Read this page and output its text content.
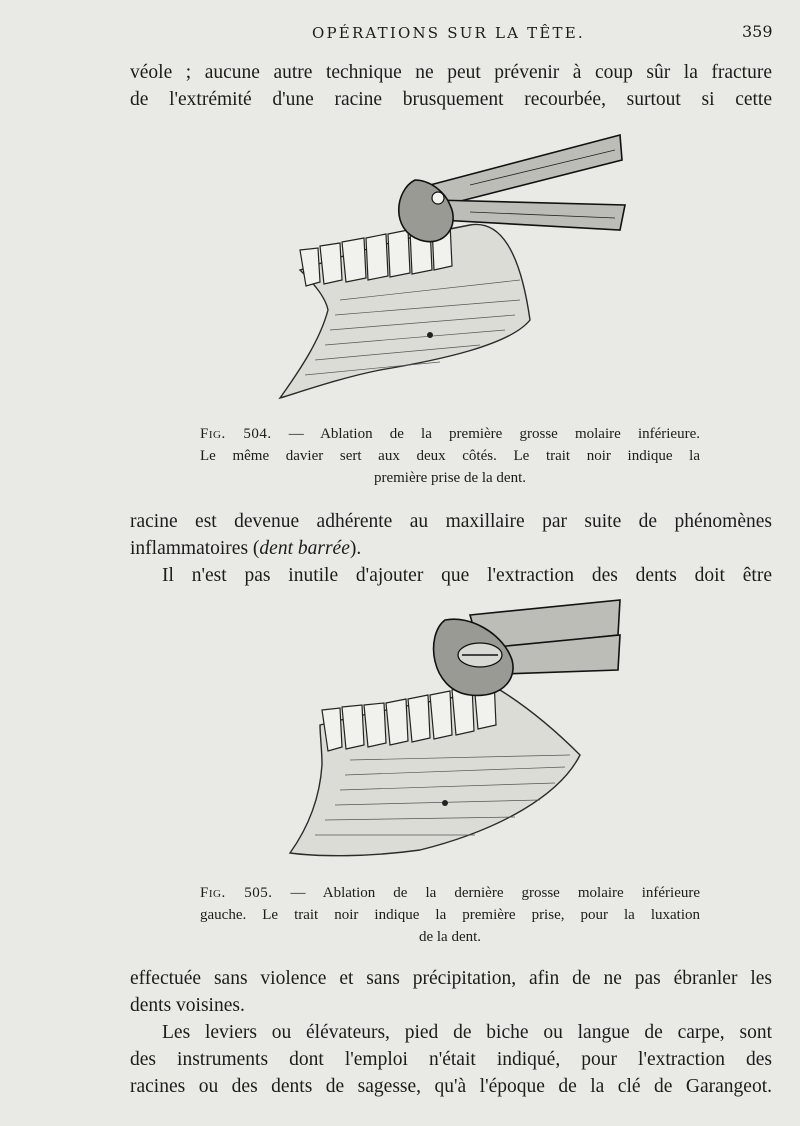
OPÉRATIONS SUR LA TÊTE.	359
véole ; aucune autre technique ne peut prévenir à coup sûr la fracture
de l'extrémité d'une racine brusquement recourbée, surtout si cette
Fig. 504. — Ablation de la première grosse molaire inférieure.
Le même davier sert aux deux côtés. Le trait noir indique la
première prise de la dent.
racine est devenue adhérente au maxillaire par suite de phénomènes
inflammatoires (dent barrée).
Il n'est pas inutile d'ajouter que l'extraction des dents doit être
Fig. 505. — Ablation de la dernière grosse molaire inférieure
gauche. Le trait noir indique la première prise, pour la luxation
de la dent.
effectuée sans violence et sans précipitation, afin de ne pas ébranler les
dents voisines.
Les leviers ou élévateurs, pied de biche ou langue de carpe, sont
des instruments dont l'emploi n'était indiqué, pour l'extraction des
racines ou des dents de sagesse, qu'à l'époque de la clé de Garangeot.
